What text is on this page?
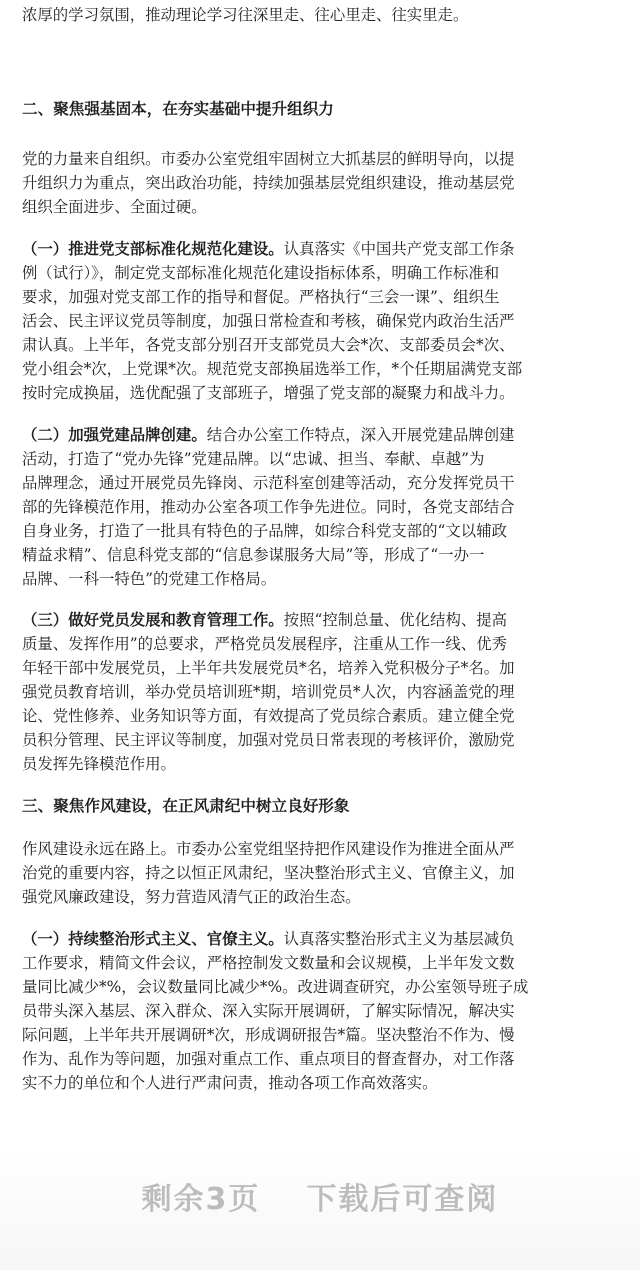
浓厚的学习氛围，推动理论学习往深里走、往心里走、往实里走。
二、聚焦强基固本，在夯实基础中提升组织力
党的力量来自组织。市委办公室党组牢固树立大抓基层的鲜明导向，以提
升组织力为重点，突出政治功能，持续加强基层党组织建设，推动基层党
组织全面进步、全面过硬。
（一）推进党支部标准化规范化建设。认真落实《中国共产党支部工作条
例（试行）》，制定党支部标准化规范化建设指标体系，明确工作标准和
要求，加强对党支部工作的指导和督促。严格执行“三会一课”、组织生
活会、民主评议党员等制度，加强日常检查和考核，确保党内政治生活严
肃认真。上半年，各党支部分别召开支部党员大会*次、支部委员会*次、
党小组会*次，上党课*次。规范党支部换届选举工作，*个任期届满党支部
按时完成换届，选优配强了支部班子，增强了党支部的凝聚力和战斗力。
（二）加强党建品牌创建。结合办公室工作特点，深入开展党建品牌创建
活动，打造了“党办先锋”党建品牌。以“忠诚、担当、奉献、卓越”为
品牌理念，通过开展党员先锋岗、示范科室创建等活动，充分发挥党员干
部的先锋模范作用，推动办公室各项工作争先进位。同时，各党支部结合
自身业务，打造了一批具有特色的子品牌，如综合科党支部的“文以辅政
精益求精”、信息科党支部的“信息参谋服务大局”等，形成了“一办一
品牌、一科一特色”的党建工作格局。
（三）做好党员发展和教育管理工作。按照“控制总量、优化结构、提高
质量、发挥作用”的总要求，严格党员发展程序，注重从工作一线、优秀
年轻干部中发展党员，上半年共发展党员*名，培养入党积极分子*名。加
强党员教育培训，举办党员培训班*期，培训党员*人次，内容涵盖党的理
论、党性修养、业务知识等方面，有效提高了党员综合素质。建立健全党
员积分管理、民主评议等制度，加强对党员日常表现的考核评价，激励党
员发挥先锋模范作用。
三、聚焦作风建设，在正风肃纪中树立良好形象
作风建设永远在路上。市委办公室党组坚持把作风建设作为推进全面从严
治党的重要内容，持之以恒正风肃纪，坚决整治形式主义、官僚主义，加
强党风廉政建设，努力营造风清气正的政治生态。
（一）持续整治形式主义、官僚主义。认真落实整治形式主义为基层减负
工作要求，精简文件会议，严格控制发文数量和会议规模，上半年发文数
量同比减少*%，会议数量同比减少*%。改进调查研究，办公室领导班子成
员带头深入基层、深入群众、深入实际开展调研，了解实际情况，解决实
际问题，上半年共开展调研*次，形成调研报告*篇。坚决整治不作为、慢
作为、乱作为等问题，加强对重点工作、重点项目的督查督办，对工作落
实不力的单位和个人进行严肃问责，推动各项工作高效落实。
剩余3页 下载后可查阅
